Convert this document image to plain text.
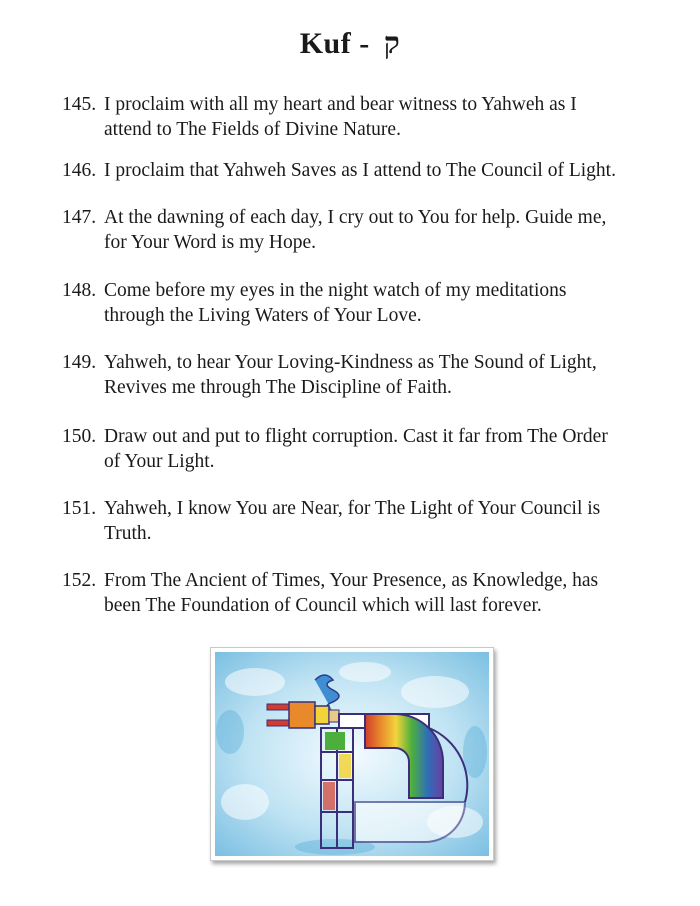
Kuf - ק
145. I proclaim with all my heart and bear witness to Yahweh as I
attend to The Fields of Divine Nature.
146. I proclaim that Yahweh Saves as I attend to The Council of Light.
147. At the dawning of each day, I cry out to You for help. Guide me,
for Your Word is my Hope.
148. Come before my eyes in the night watch of my meditations
through the Living Waters of Your Love.
149. Yahweh, to hear Your Loving-Kindness as The Sound of Light,
Revives me through The Discipline of Faith.
150. Draw out and put to flight corruption. Cast it far from The Order
of Your Light.
151. Yahweh, I know You are Near, for The Light of Your Council is
Truth.
152. From The Ancient of Times, Your Presence, as Knowledge, has
been The Foundation of Council which will last forever.
